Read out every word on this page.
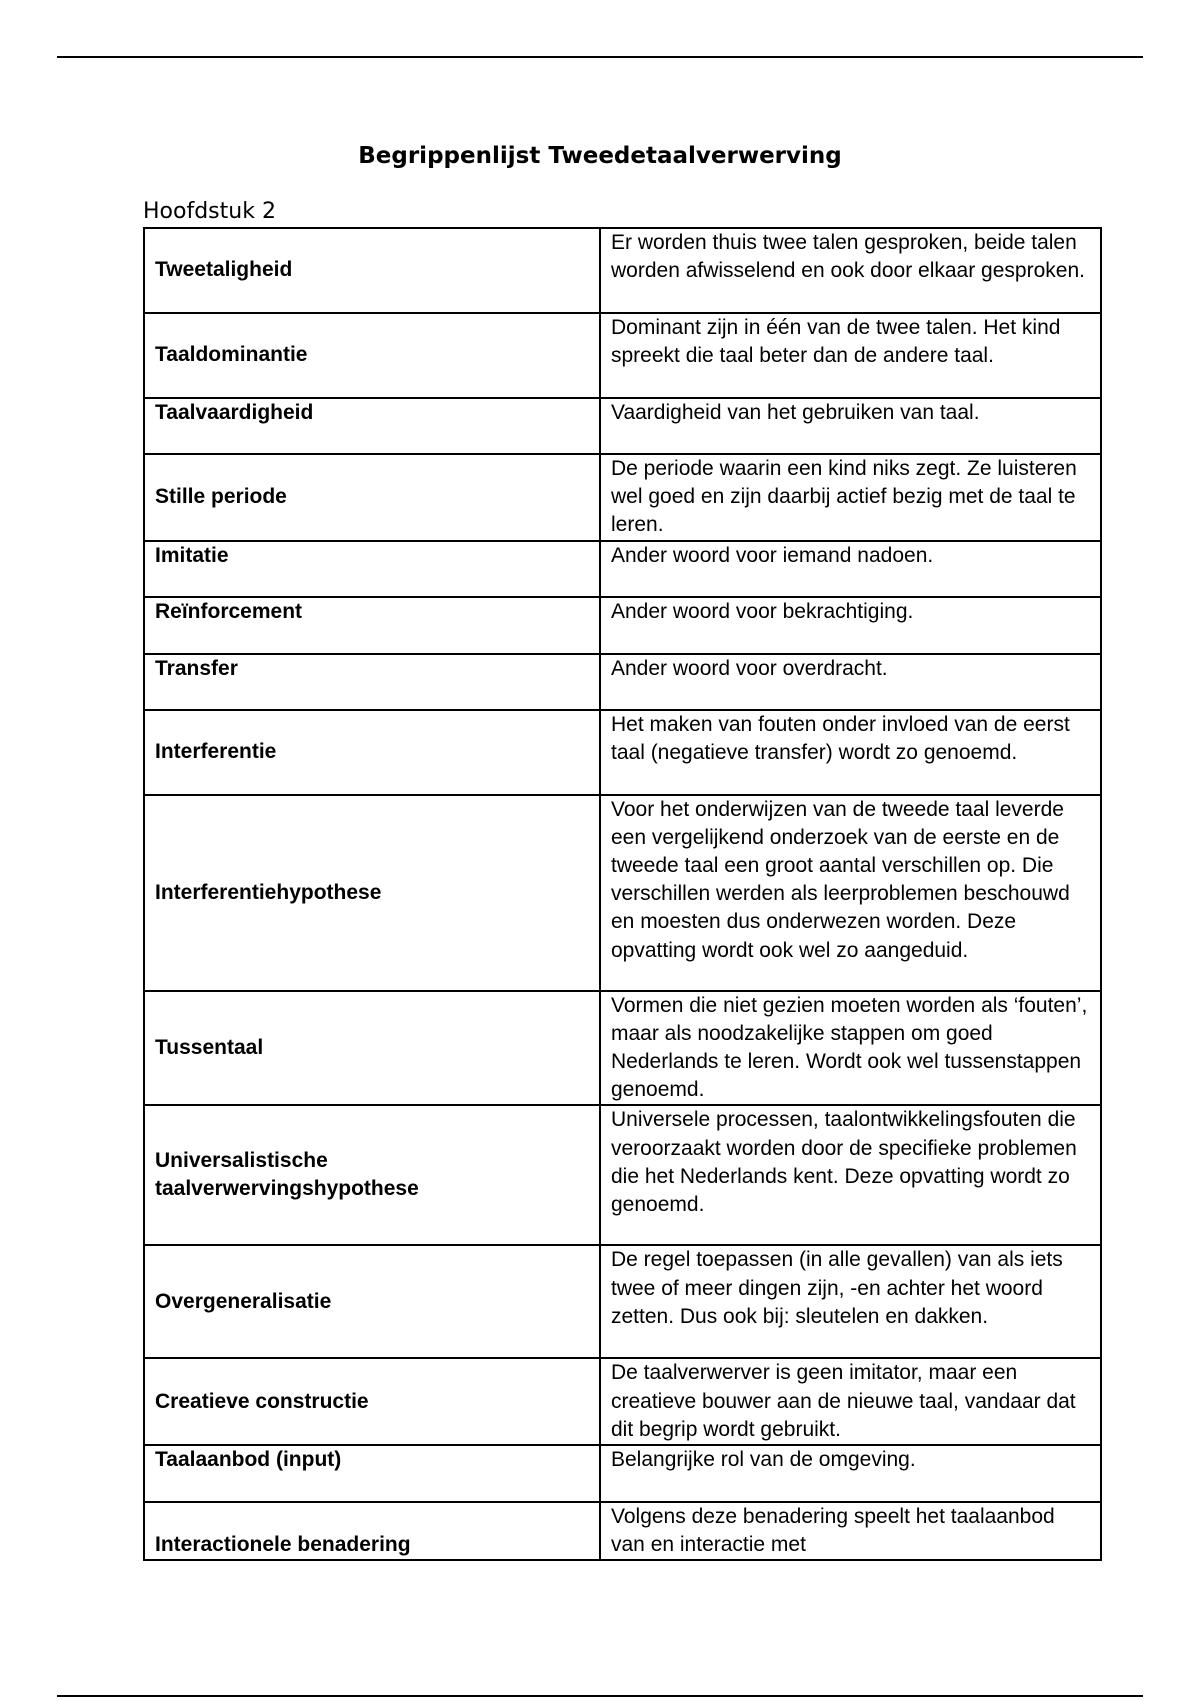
Begrippenlijst Tweedetaalverwerving
Hoofdstuk 2
Tweetaligheid	Er worden thuis twee talen gesproken, beide talen worden afwisselend en ook door elkaar gesproken.
Taaldominantie	Dominant zijn in één van de twee talen. Het kind spreekt die taal beter dan de andere taal.
Taalvaardigheid	Vaardigheid van het gebruiken van taal.
Stille periode	De periode waarin een kind niks zegt. Ze luisteren wel goed en zijn daarbij actief bezig met de taal te leren.
Imitatie	Ander woord voor iemand nadoen.
Reïnforcement	Ander woord voor bekrachtiging.
Transfer	Ander woord voor overdracht.
Interferentie	Het maken van fouten onder invloed van de eerst taal (negatieve transfer) wordt zo genoemd.
Interferentiehypothese	Voor het onderwijzen van de tweede taal leverde een vergelijkend onderzoek van de eerste en de tweede taal een groot aantal verschillen op. Die verschillen werden als leerproblemen beschouwd en moesten dus onderwezen worden. Deze opvatting wordt ook wel zo aangeduid.
Tussentaal	Vormen die niet gezien moeten worden als ‘fouten’, maar als noodzakelijke stappen om goed Nederlands te leren. Wordt ook wel tussenstappen genoemd.
Universalistische taalverwervingshypothese	Universele processen, taalontwikkelingsfouten die veroorzaakt worden door de specifieke problemen die het Nederlands kent. Deze opvatting wordt zo genoemd.
Overgeneralisatie	De regel toepassen (in alle gevallen) van als iets twee of meer dingen zijn, -en achter het woord zetten. Dus ook bij: sleutelen en dakken.
Creatieve constructie	De taalverwerver is geen imitator, maar een creatieve bouwer aan de nieuwe taal, vandaar dat dit begrip wordt gebruikt.
Taalaanbod (input)	Belangrijke rol van de omgeving.
Interactionele benadering	Volgens deze benadering speelt het taalaanbod van en interactie met
